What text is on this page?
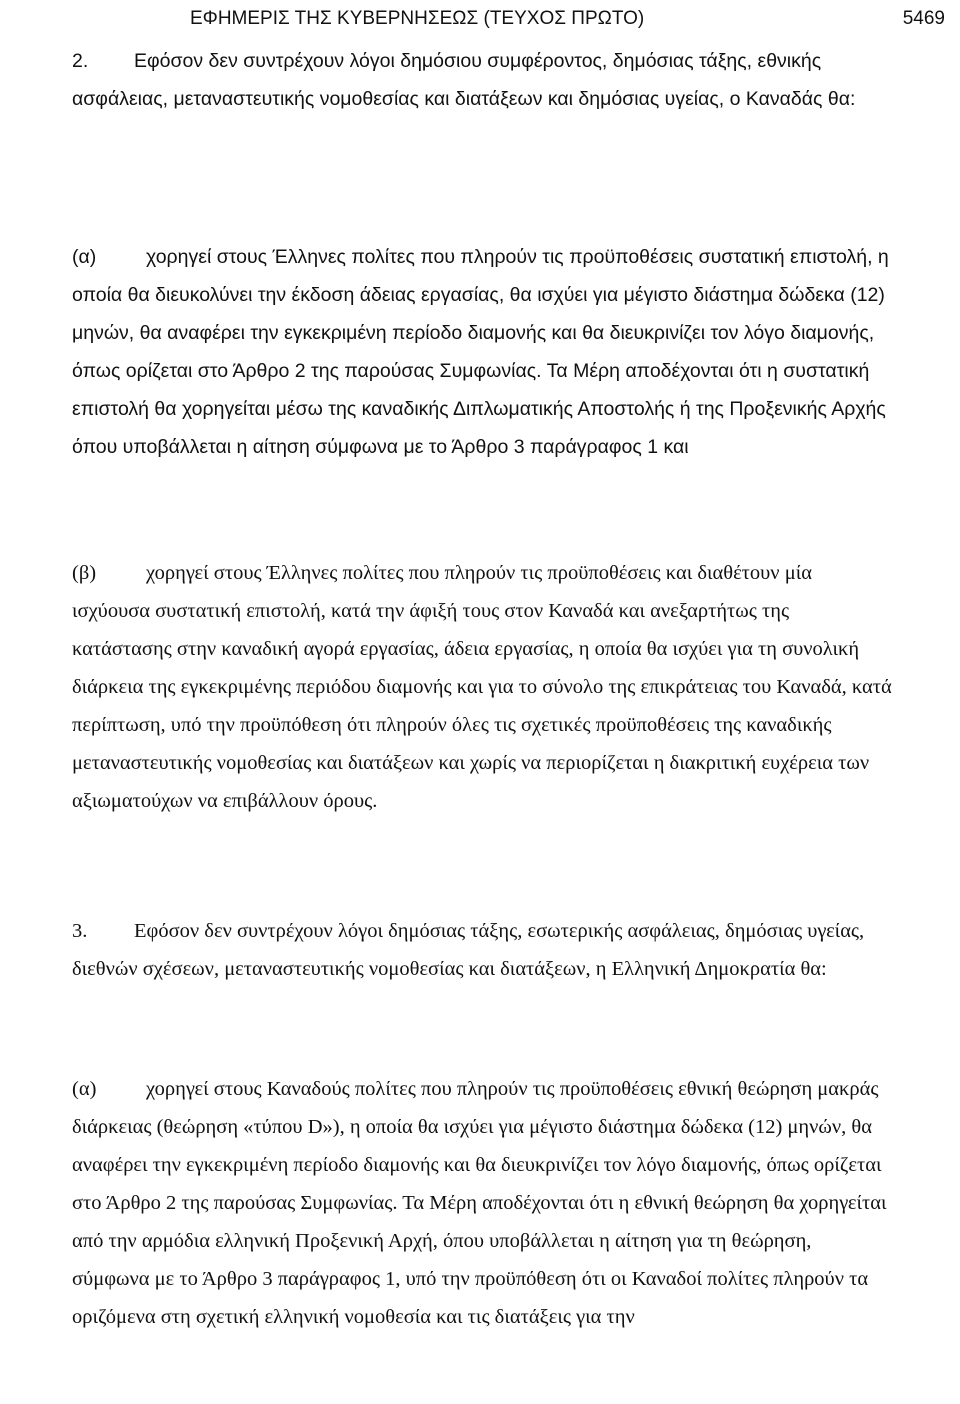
ΕΦΗΜΕΡΙΣ ΤΗΣ ΚΥΒΕΡΝΗΣΕΩΣ (ΤΕΥΧΟΣ ΠΡΩΤΟ)	5469

2. Εφόσον δεν συντρέχουν λόγοι δημόσιου συμφέροντος, δημόσιας τάξης, εθνικής ασφάλειας, μεταναστευτικής νομοθεσίας και διατάξεων και δημόσιας υγείας, ο Καναδάς θα:

(α)	χορηγεί στους Έλληνες πολίτες που πληρούν τις προϋποθέσεις συστατική επιστολή, η οποία θα διευκολύνει την έκδοση άδειας εργασίας, θα ισχύει για μέγιστο διάστημα δώδεκα (12) μηνών, θα αναφέρει την εγκεκριμένη περίοδο διαμονής και θα διευκρινίζει τον λόγο διαμονής, όπως ορίζεται στο Άρθρο 2 της παρούσας Συμφωνίας. Τα Μέρη αποδέχονται ότι η συστατική επιστολή θα χορηγείται μέσω της καναδικής Διπλωματικής Αποστολής ή της Προξενικής Αρχής όπου υποβάλλεται η αίτηση σύμφωνα με το Άρθρο 3 παράγραφος 1 και

(β) χορηγεί στους Έλληνες πολίτες που πληρούν τις προϋποθέσεις και διαθέτουν μία ισχύουσα συστατική επιστολή, κατά την άφιξή τους στον Καναδά και ανεξαρτήτως της κατάστασης στην καναδική αγορά εργασίας, άδεια εργασίας, η οποία θα ισχύει για τη συνολική διάρκεια της εγκεκριμένης περιόδου διαμονής και για το σύνολο της επικράτειας του Καναδά, κατά περίπτωση, υπό την προϋπόθεση ότι πληρούν όλες τις σχετικές προϋποθέσεις της καναδικής μεταναστευτικής νομοθεσίας και διατάξεων και χωρίς να περιορίζεται η διακριτική ευχέρεια των αξιωματούχων να επιβάλλουν όρους.

3. Εφόσον δεν συντρέχουν λόγοι δημόσιας τάξης, εσωτερικής ασφάλειας, δημόσιας υγείας, διεθνών σχέσεων, μεταναστευτικής νομοθεσίας και διατάξεων, η Ελληνική Δημοκρατία θα:

(α) χορηγεί στους Καναδούς πολίτες που πληρούν τις προϋποθέσεις εθνική θεώρηση μακράς διάρκειας (θεώρηση «τύπου D»), η οποία θα ισχύει για μέγιστο διάστημα δώδεκα (12) μηνών, θα αναφέρει την εγκεκριμένη περίοδο διαμονής και θα διευκρινίζει τον λόγο διαμονής, όπως ορίζεται στο Άρθρο 2 της παρούσας Συμφωνίας. Τα Μέρη αποδέχονται ότι η εθνική θεώρηση θα χορηγείται από την αρμόδια ελληνική Προξενική Αρχή, όπου υποβάλλεται η αίτηση για τη θεώρηση, σύμφωνα με το Άρθρο 3 παράγραφος 1, υπό την προϋπόθεση ότι οι Καναδοί πολίτες πληρούν τα οριζόμενα στη σχετική ελληνική νομοθεσία και τις διατάξεις για την
